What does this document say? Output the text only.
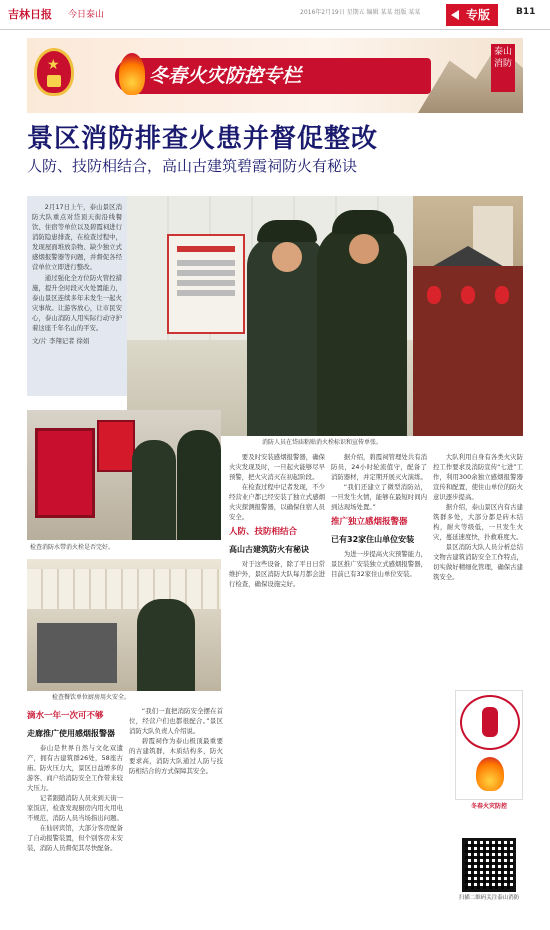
吉林日报 今日泰山	2016年2月19日 星期五 编辑 某某 组版 某某	专版	B11
★	冬春火灾防控专栏
泰山消防
景区消防排查火患并督促整改
人防、技防相结合，高山古建筑碧霞祠防火有秘诀

2月17日上午，泰山景区消防大队重点对岱顶天街沿线餐饮、住宿等单位以及碧霞祠进行消防隐患排查，在检查过程中，发现屋面堆放杂物、缺少独立式感烟报警器等问题，并督促各经营单位立即进行整改。

通过强化全方位防火管控措施，提升全时段灭火处置能力，泰山景区连续多年未发生一起火灾事故。让游客放心，让市民安心，泰山消防人用实际行动守护着这座千年名山的平安。

文/片 李翔记者 徐娟

消防人员在岱庙粘贴消火栓标识和宣传单张。
检查消防水带消火栓是否完好。
检查餐饮单位厨房用火安全。
滴水一年一次可不够
走廊推广使用感烟报警器

泰山是世界自然与文化双遗产，拥有古建筑群26处，58座古庙。防火压力大，景区日益增多的游客、商户给消防安全工作带来较大压力。

记者跟随消防人员来到天街一家饭店，检查发现厨房内用火用电不规范，消防人员当场指出问题。

在仙居宾馆，大部分客房配备了自动报警装置，但个别客房未安装，消防人员督促其尽快配备。

“我们一直把消防安全摆在首位，经营户们也都很配合。”景区消防大队负责人介绍说。

碧霞祠作为泰山极顶最重要的古建筑群，木质结构多，防火要求高，消防大队通过人防与技防相结合的方式保障其安全。

要及时安装感烟报警器，确保火灾发现及时，一旦起火能够尽早预警，把火灾消灭在初起阶段。

在检查过程中记者发现，不少经营业户都已经安装了独立式感烟火灾探测报警器，以确保住宿人员安全。

人防、技防相结合
高山古建筑防火有秘诀

对于这些设备，除了平日日常维护外，景区消防大队每月都会进行检查，确保设施完好。

据介绍，碧霞祠管理处共有消防员，24小时轮流值守，配备了消防器材，并定期开展灭火演练。

“我们还建立了微型消防站，一旦发生火情，能够在最短时间内到达现场处置。”

推广独立感烟报警器
已有32家住山单位安装

为进一步提高火灾预警能力，景区推广安装独立式感烟报警器，目前已有32家住山单位安装。

大队利用自身有各类火灾防控工作要求及消防宣传“七进”工作，利用300余独立感烟报警器宣传和配置，使住山单位的防火意识逐步提高。

据介绍，泰山景区内有古建筑群多处，大部分都是砖木结构，耐火等级低，一旦发生火灾，蔓延速度快，扑救难度大。

景区消防大队人员分析总结文物古建筑消防安全工作特点，切实做好精细化管理，确保古建筑安全。

冬春火灾防控
扫描二维码关注泰山消防
